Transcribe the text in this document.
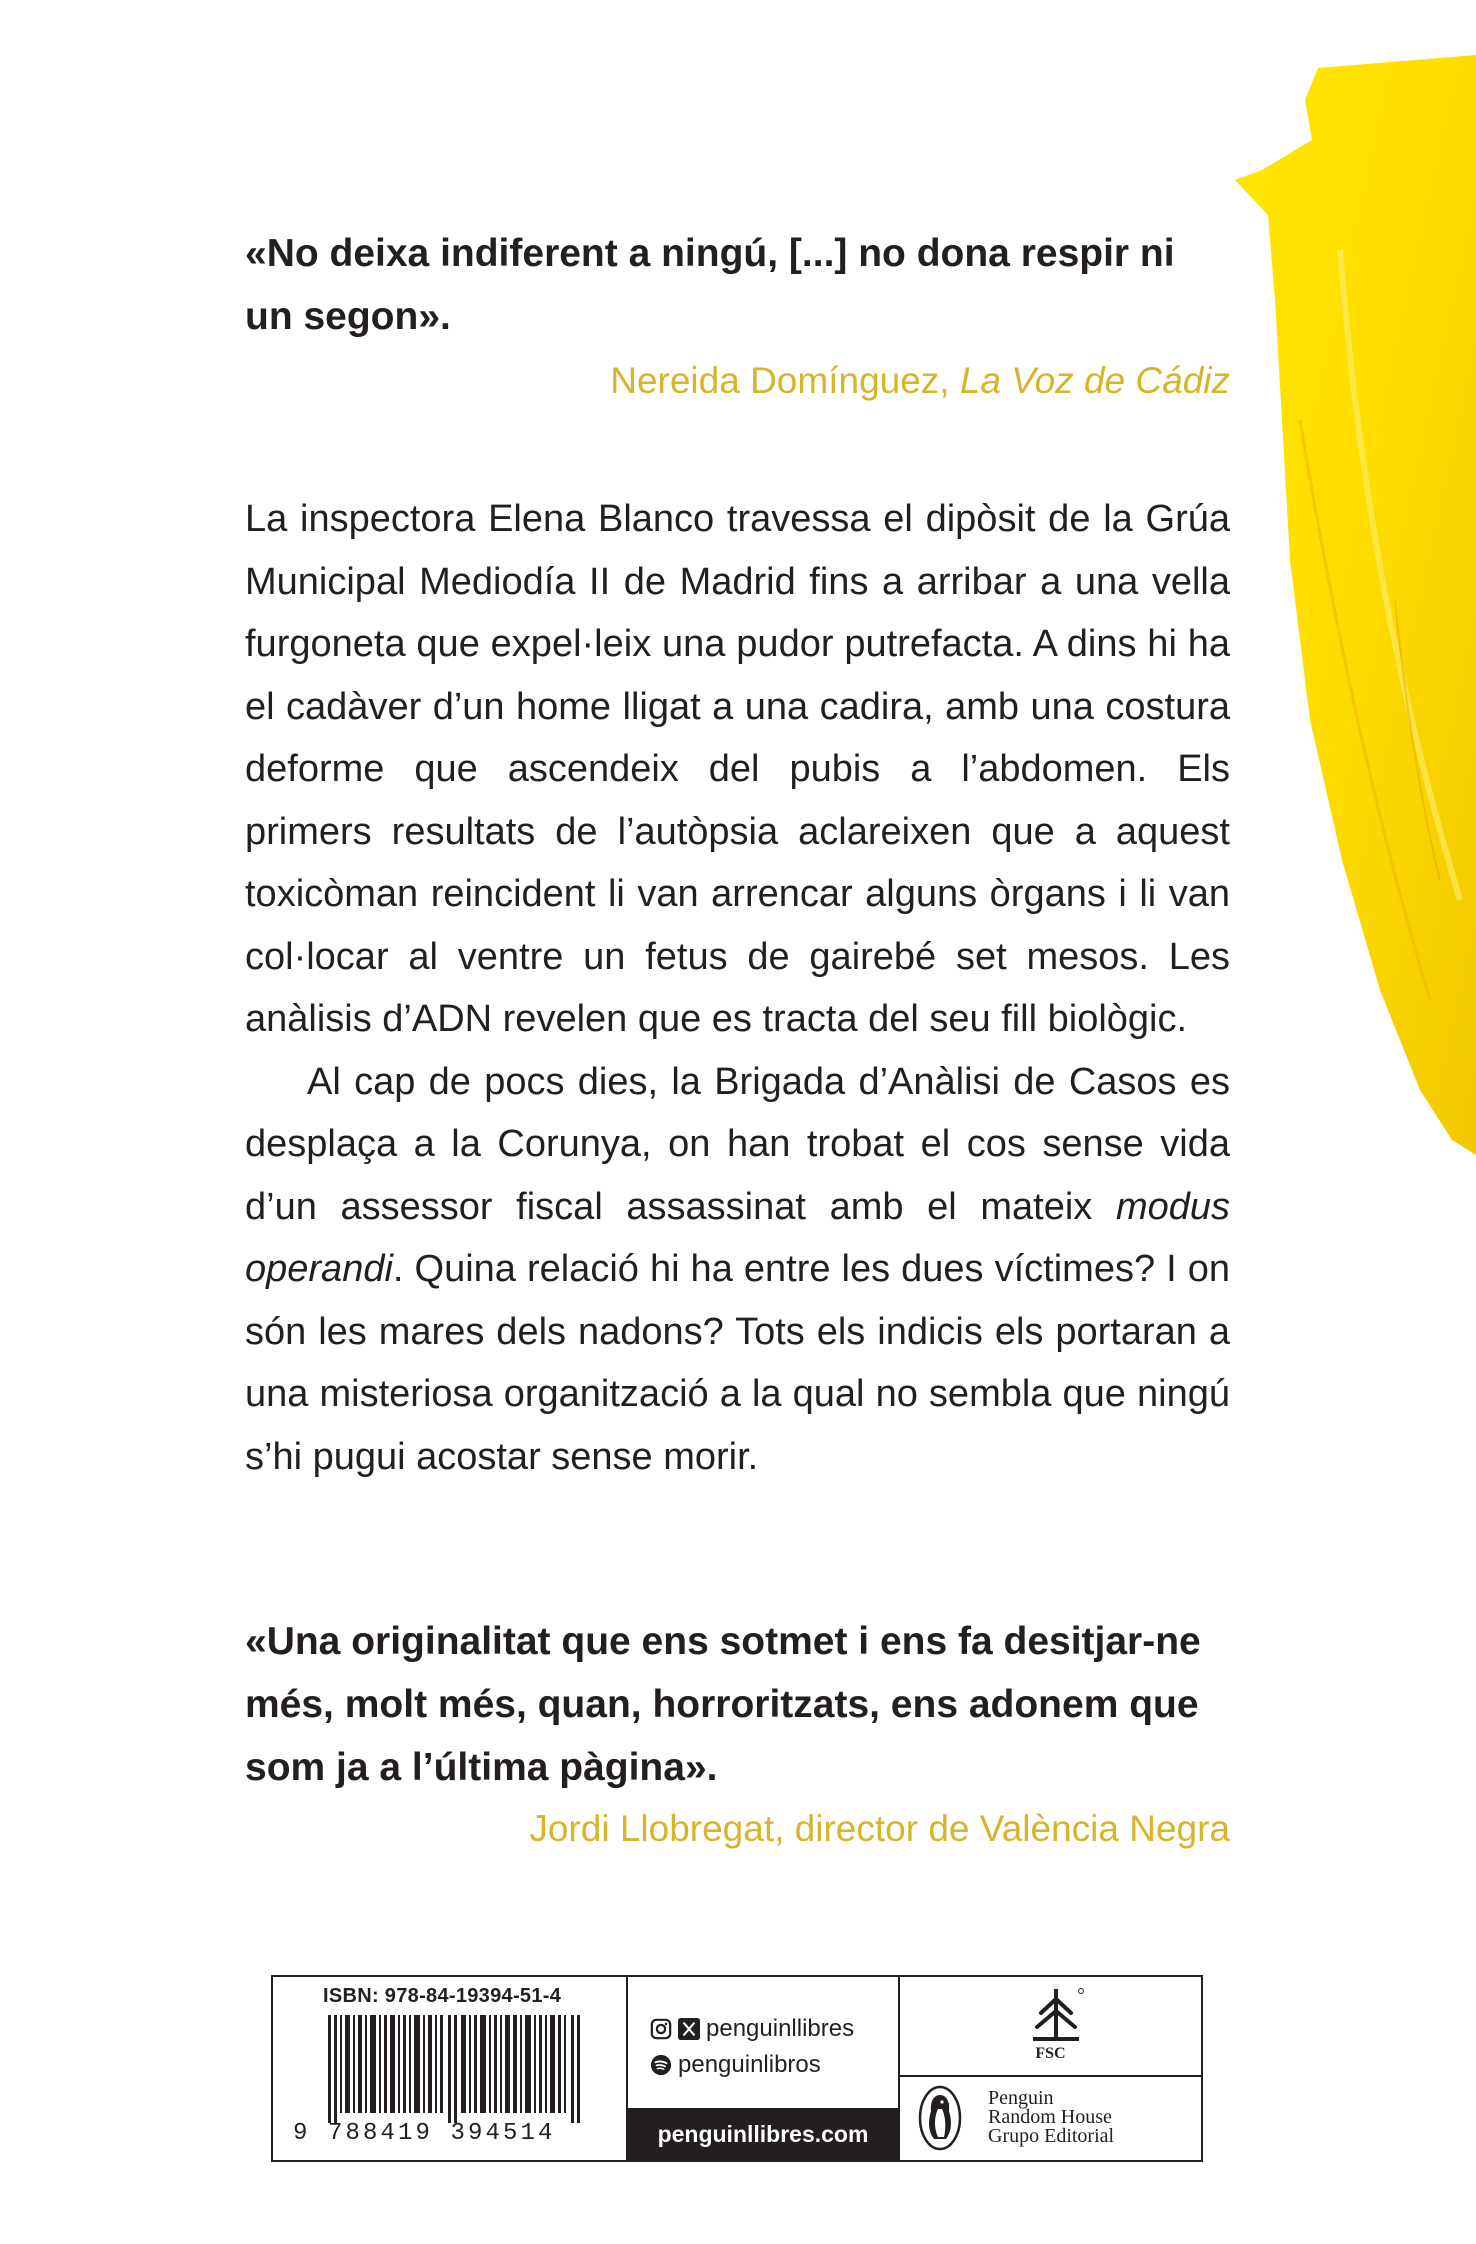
«No deixa indiferent a ningú, [...] no dona respir ni un segon».

Nereida Domínguez, La Voz de Cádiz

La inspectora Elena Blanco travessa el dipòsit de la Grúa Municipal Mediodía II de Madrid fins a arribar a una vella furgoneta que expel·leix una pudor putrefacta. A dins hi ha el cadàver d’un home lligat a una cadira, amb una costura deforme que ascendeix del pubis a l’abdomen. Els primers resultats de l’autòpsia aclareixen que a aquest toxicòman reincident li van arrencar alguns òrgans i li van col·locar al ventre un fetus de gairebé set mesos. Les anàlisis d’ADN revelen que es tracta del seu fill biològic.

Al cap de pocs dies, la Brigada d’Anàlisi de Casos es desplaça a la Corunya, on han trobat el cos sense vida d’un assessor fiscal assassinat amb el mateix modus operandi. Quina relació hi ha entre les dues víctimes? I on són les mares dels nadons? Tots els indicis els portaran a una misteriosa organització a la qual no sembla que ningú s’hi pugui acostar sense morir.

«Una originalitat que ens sotmet i ens fa desitjar-ne més, molt més, quan, horroritzats, ens adonem que som ja a l’última pàgina».

Jordi Llobregat, director de València Negra
ISBN: 978-84-19394-51-4
9 788419 394514
penguinllibres
penguinlibros
penguinllibres.com
FSC
Penguin
Random House
Grupo Editorial
